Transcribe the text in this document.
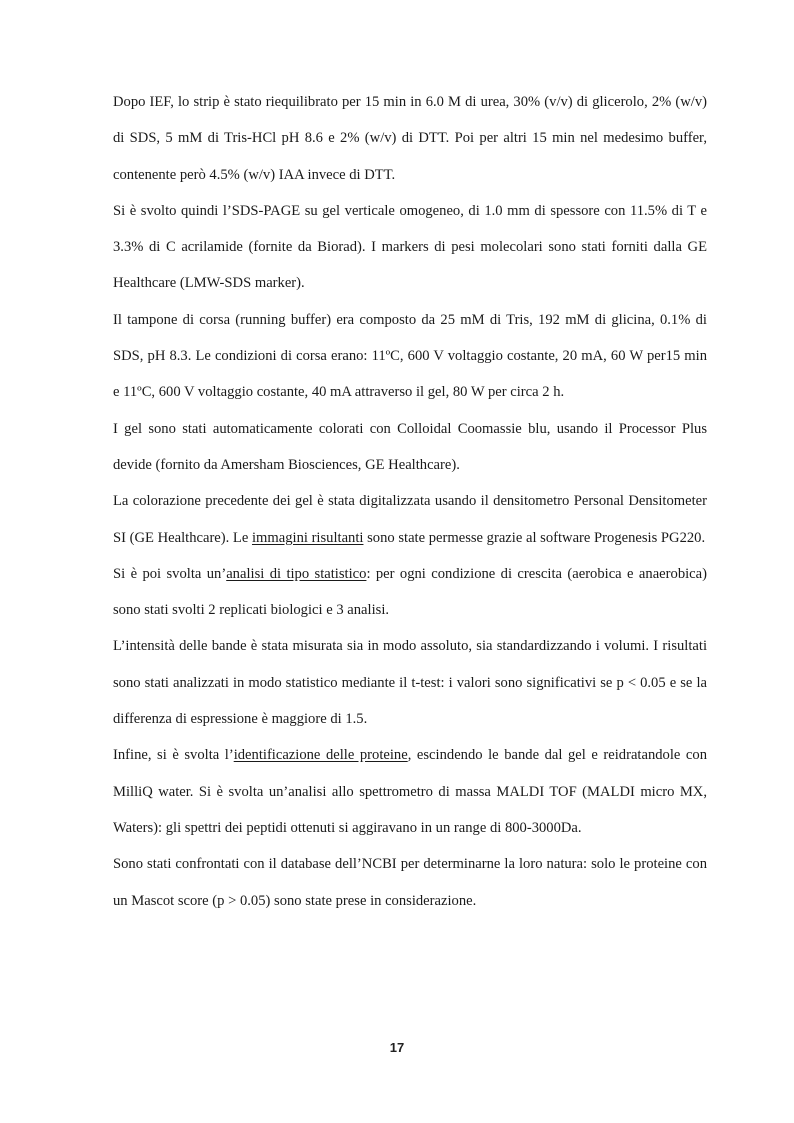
Dopo IEF, lo strip è stato riequilibrato per 15 min in 6.0 M di urea, 30% (v/v) di glicerolo, 2% (w/v) di SDS, 5 mM di Tris-HCl pH 8.6 e 2% (w/v) di DTT. Poi per altri 15 min nel medesimo buffer, contenente però 4.5% (w/v) IAA invece di DTT.

Si è svolto quindi l’SDS-PAGE su gel verticale omogeneo, di 1.0 mm di spessore con 11.5% di T e 3.3% di C acrilamide (fornite da Biorad). I markers di pesi molecolari sono stati forniti dalla GE Healthcare (LMW-SDS marker).

Il tampone di corsa (running buffer) era composto da 25 mM di Tris, 192 mM di glicina, 0.1% di SDS, pH 8.3. Le condizioni di corsa erano: 11ºC, 600 V voltaggio costante, 20 mA, 60 W per15 min e 11ºC, 600 V voltaggio costante, 40 mA attraverso il gel, 80 W per circa 2 h.

I gel sono stati automaticamente colorati con Colloidal Coomassie blu, usando il Processor Plus devide (fornito da Amersham Biosciences, GE Healthcare).

La colorazione precedente dei gel è stata digitalizzata usando il densitometro Personal Densitometer SI (GE Healthcare). Le immagini risultanti sono state permesse grazie al software Progenesis PG220.

Si è poi svolta un’analisi di tipo statistico: per ogni condizione di crescita (aerobica e anaerobica) sono stati svolti 2 replicati biologici e 3 analisi.

L’intensità delle bande è stata misurata sia in modo assoluto, sia standardizzando i volumi. I risultati sono stati analizzati in modo statistico mediante il t-test: i valori sono significativi se p < 0.05 e se la differenza di espressione è maggiore di 1.5.

Infine, si è svolta l’identificazione delle proteine, escindendo le bande dal gel e reidratandole con MilliQ water. Si è svolta un’analisi allo spettrometro di massa MALDI TOF (MALDI micro MX, Waters): gli spettri dei peptidi ottenuti si aggiravano in un range di 800-3000Da.

Sono stati confrontati con il database dell’NCBI per determinarne la loro natura: solo le proteine con un Mascot score (p > 0.05) sono state prese in considerazione.

17
